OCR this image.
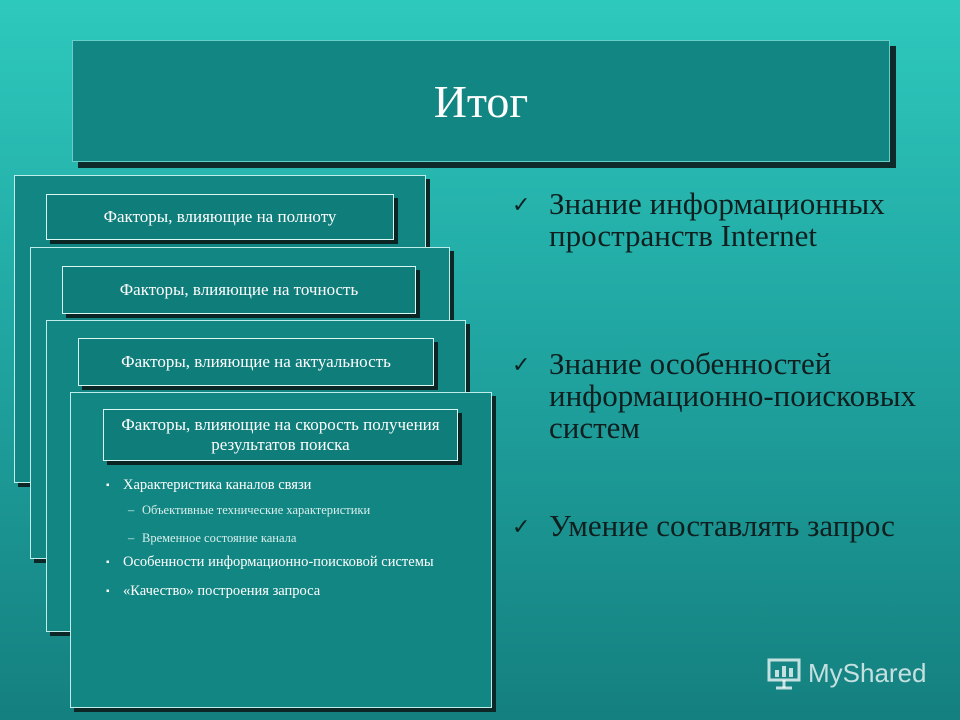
Итог
Факторы, влияющие на полноту
Факторы, влияющие на точность
Факторы, влияющие на актуальность
Факторы, влияющие на скорость получения результатов поиска
▪ Характеристика каналов связи
– Объективные технические характеристики
– Временное состояние канала
▪ Особенности информационно-поисковой системы
▪ «Качество» построения запроса
✓ Знание информационных пространств Internet
✓ Знание особенностей информационно-поисковых систем
✓ Умение составлять запрос
MyShared
